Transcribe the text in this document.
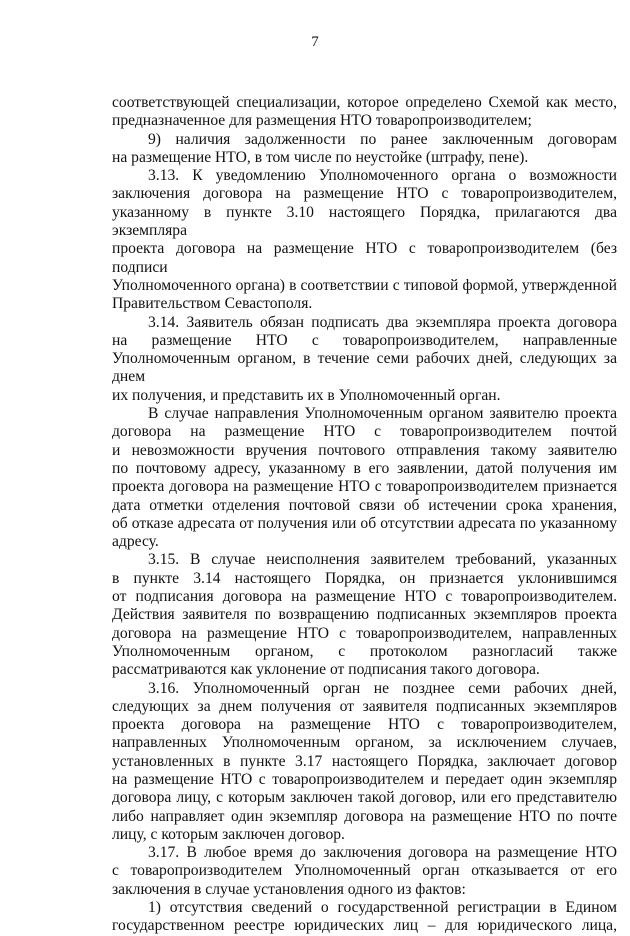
7
соответствующей специализации, которое определено Схемой как место,
предназначенное для размещения НТО товаропроизводителем;
9) наличия задолженности по ранее заключенным договорам
на размещение НТО, в том числе по неустойке (штрафу, пене).
3.13. К уведомлению Уполномоченного органа о возможности
заключения договора на размещение НТО с товаропроизводителем,
указанному в пункте 3.10 настоящего Порядка, прилагаются два экземпляра
проекта договора на размещение НТО с товаропроизводителем (без подписи
Уполномоченного органа) в соответствии с типовой формой, утвержденной
Правительством Севастополя.
3.14. Заявитель обязан подписать два экземпляра проекта договора
на размещение НТО с товаропроизводителем, направленные
Уполномоченным органом, в течение семи рабочих дней, следующих за днем
их получения, и представить их в Уполномоченный орган.
В случае направления Уполномоченным органом заявителю проекта
договора на размещение НТО с товаропроизводителем почтой
и невозможности вручения почтового отправления такому заявителю
по почтовому адресу, указанному в его заявлении, датой получения им
проекта договора на размещение НТО с товаропроизводителем признается
дата отметки отделения почтовой связи об истечении срока хранения,
об отказе адресата от получения или об отсутствии адресата по указанному
адресу.
3.15. В случае неисполнения заявителем требований, указанных
в пункте 3.14 настоящего Порядка, он признается уклонившимся
от подписания договора на размещение НТО с товаропроизводителем.
Действия заявителя по возвращению подписанных экземпляров проекта
договора на размещение НТО с товаропроизводителем, направленных
Уполномоченным органом, с протоколом разногласий также
рассматриваются как уклонение от подписания такого договора.
3.16. Уполномоченный орган не позднее семи рабочих дней,
следующих за днем получения от заявителя подписанных экземпляров
проекта договора на размещение НТО с товаропроизводителем,
направленных Уполномоченным органом, за исключением случаев,
установленных в пункте 3.17 настоящего Порядка, заключает договор
на размещение НТО с товаропроизводителем и передает один экземпляр
договора лицу, с которым заключен такой договор, или его представителю
либо направляет один экземпляр договора на размещение НТО по почте
лицу, с которым заключен договор.
3.17. В любое время до заключения договора на размещение НТО
с товаропроизводителем Уполномоченный орган отказывается от его
заключения в случае установления одного из фактов:
1) отсутствия сведений о государственной регистрации в Едином
государственном реестре юридических лиц – для юридического лица,
